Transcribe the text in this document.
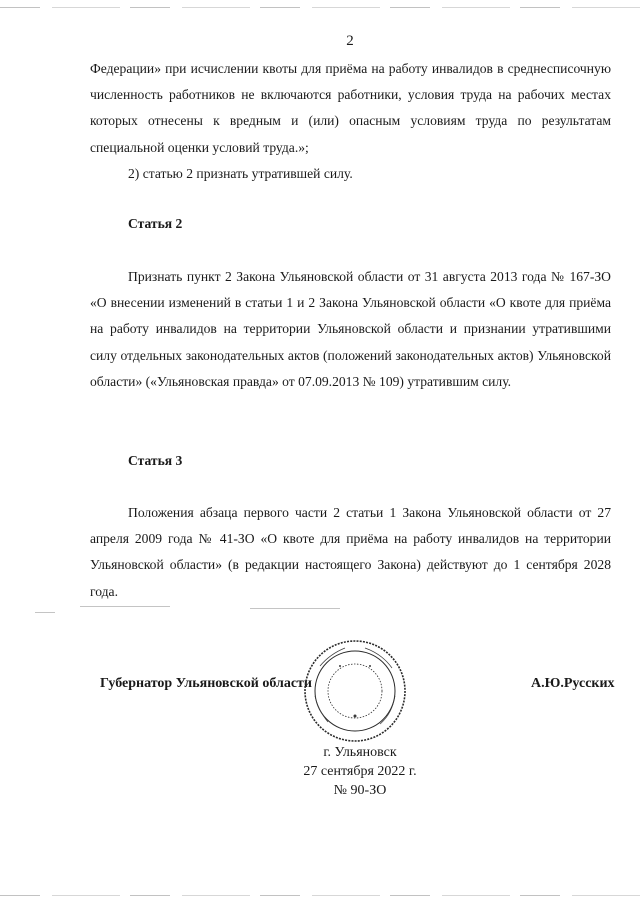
2

Федерации» при исчислении квоты для приёма на работу инвалидов в среднесписочную численность работников не включаются работники, условия труда на рабочих местах которых отнесены к вредным и (или) опасным условиям труда по результатам специальной оценки условий труда.»;

2) статью 2 признать утратившей силу.

Статья 2

Признать пункт 2 Закона Ульяновской области от 31 августа 2013 года № 167-ЗО «О внесении изменений в статьи 1 и 2 Закона Ульяновской области «О квоте для приёма на работу инвалидов на территории Ульяновской области и признании утратившими силу отдельных законодательных актов (положений законодательных актов) Ульяновской области» («Ульяновская правда» от 07.09.2013 № 109) утратившим силу.

Статья 3

Положения абзаца первого части 2 статьи 1 Закона Ульяновской области от 27 апреля 2009 года № 41-ЗО «О квоте для приёма на работу инвалидов на территории Ульяновской области» (в редакции настоящего Закона) действуют до 1 сентября 2028 года.

Губернатор Ульяновской области	А.Ю.Русских
г. Ульяновск
27 сентября 2022 г.
№ 90-ЗО
